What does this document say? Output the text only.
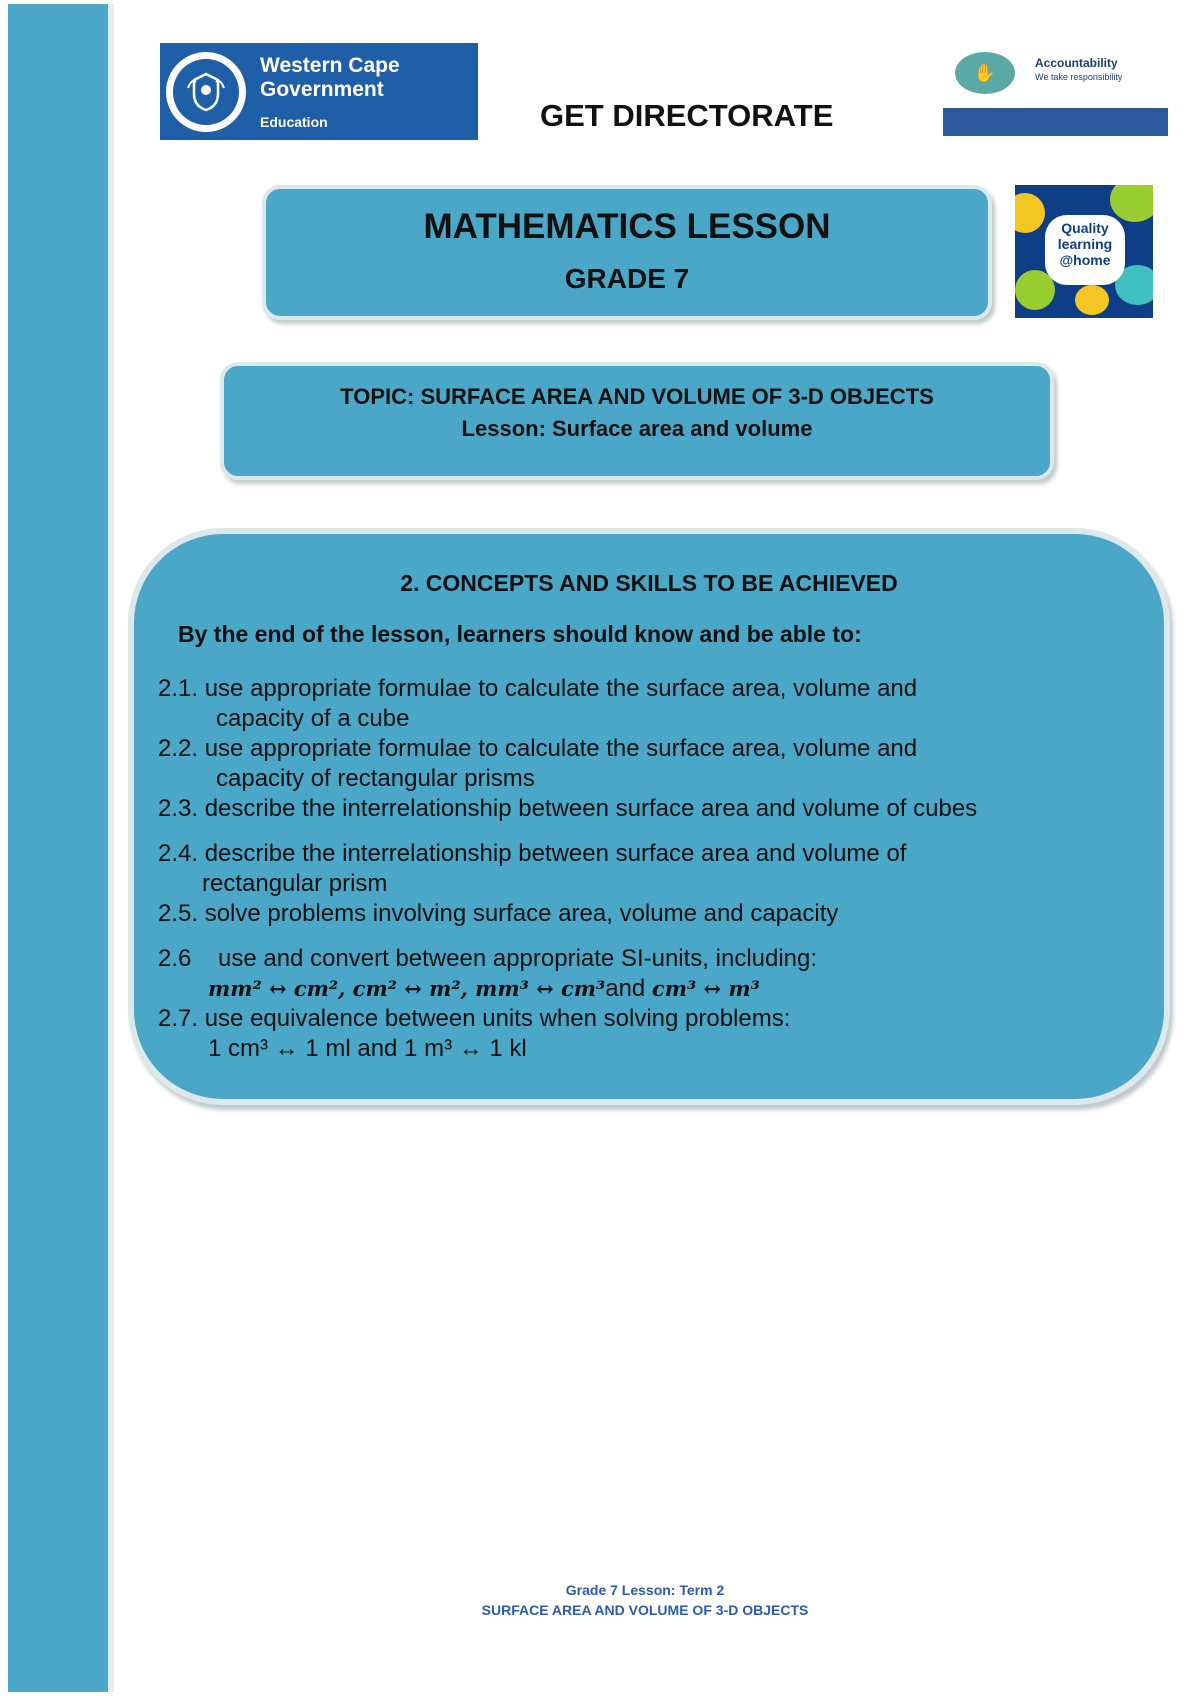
Western Cape
Government
Education	GET DIRECTORATE
✋	Accountability
We take responsibility
MATHEMATICS LESSON
GRADE 7
Quality
learning
@home
TOPIC: SURFACE AREA AND VOLUME OF 3-D OBJECTS
Lesson: Surface area and volume
2. CONCEPTS AND SKILLS TO BE ACHIEVED
By the end of the lesson, learners should know and be able to:
2.1. use appropriate formulae to calculate the surface area, volume and
capacity of a cube
2.2. use appropriate formulae to calculate the surface area, volume and
capacity of rectangular prisms
2.3. describe the interrelationship between surface area and volume of cubes
2.4. describe the interrelationship between surface area and volume of
rectangular prism
2.5. solve problems involving surface area, volume and capacity
2.6 use and convert between appropriate SI-units, including:
mm² ↔ cm², cm² ↔ m², mm³ ↔ cm³and cm³ ↔ m³
2.7. use equivalence between units when solving problems:
1 cm³ ↔ 1 ml and 1 m³ ↔ 1 kl
Grade 7 Lesson: Term 2
SURFACE AREA AND VOLUME OF 3-D OBJECTS
